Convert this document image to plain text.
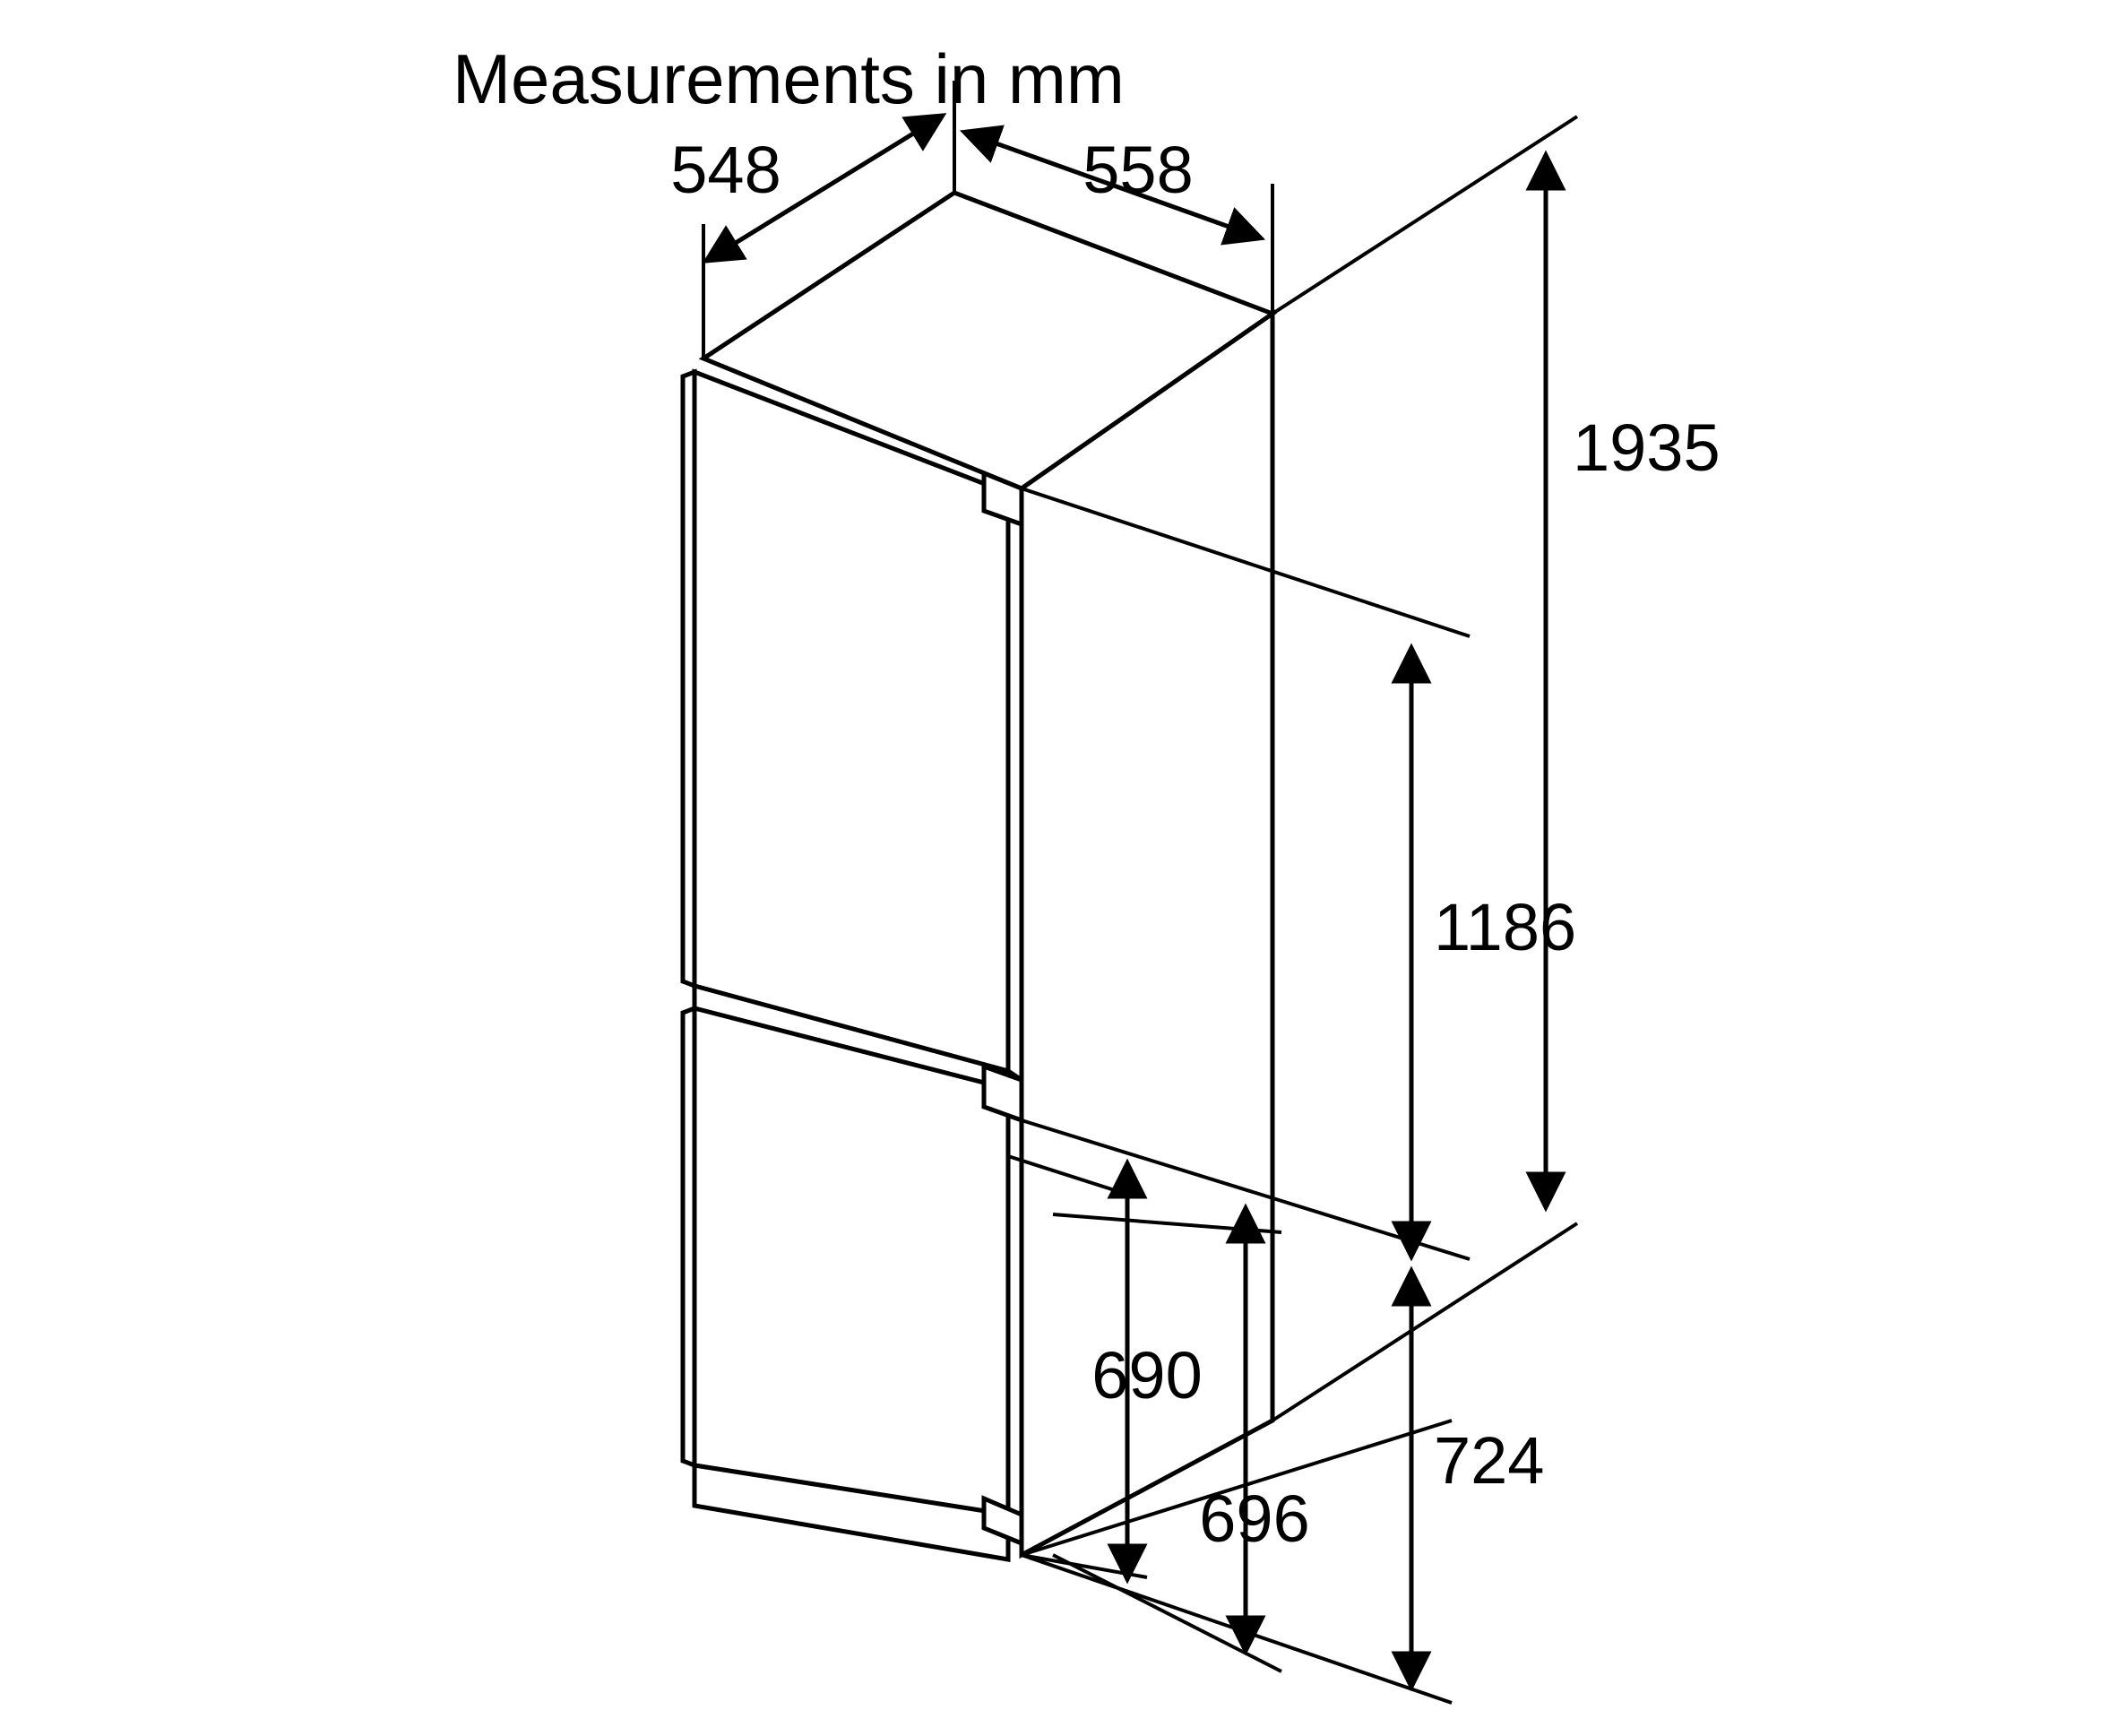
Measurements in mm
548	558
1935
1186
690
696
724
